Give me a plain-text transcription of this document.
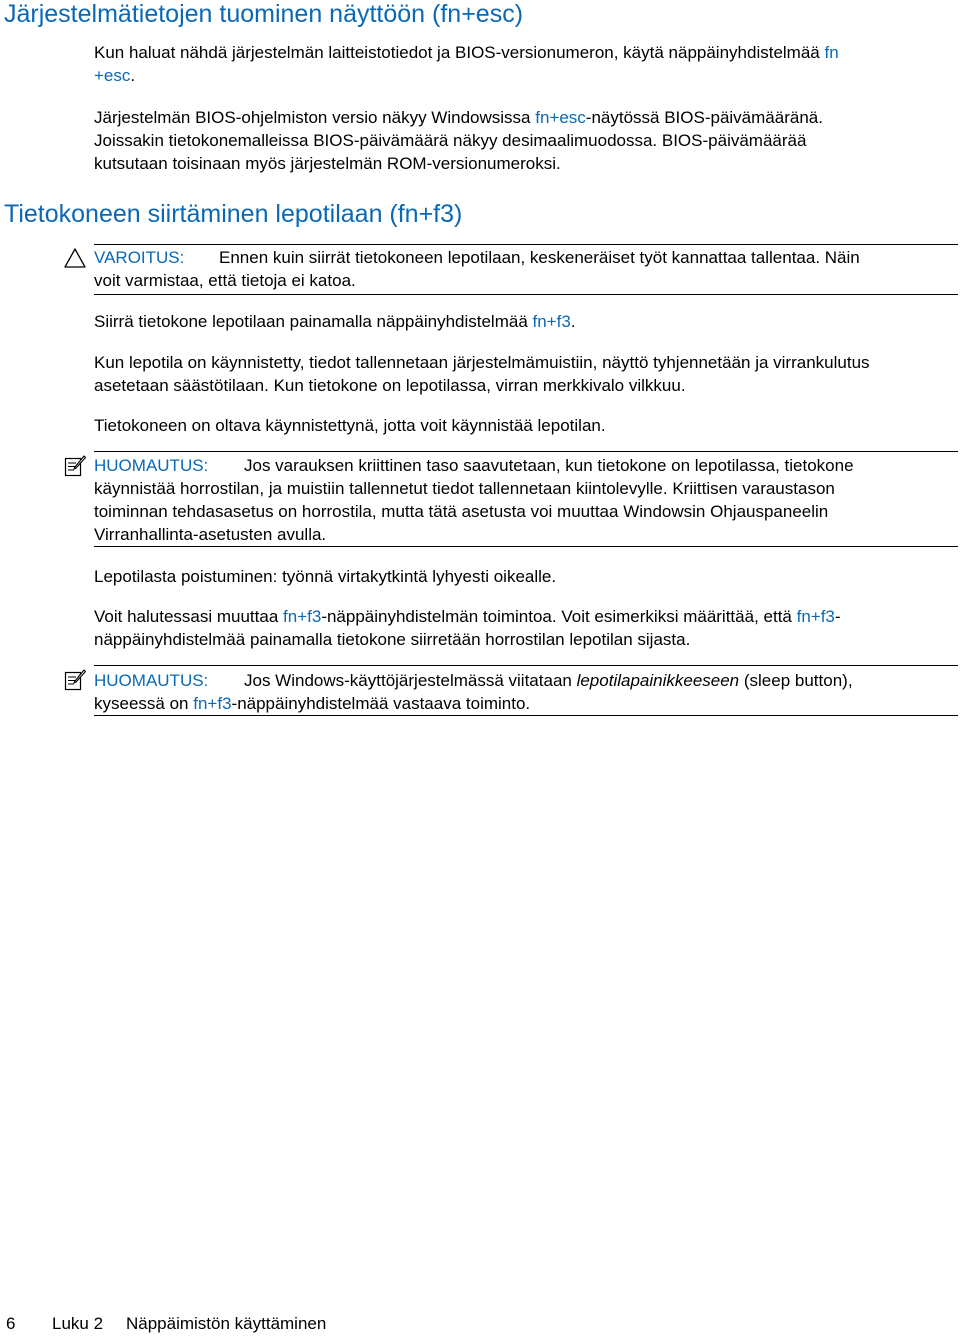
Järjestelmätietojen tuominen näyttöön (fn+esc)

Kun haluat nähdä järjestelmän laitteistotiedot ja BIOS-versionumeron, käytä näppäinyhdistelmää fn
+esc.

Järjestelmän BIOS-ohjelmiston versio näkyy Windowsissa fn+esc-näytössä BIOS-päivämääränä.
Joissakin tietokonemalleissa BIOS-päivämäärä näkyy desimaalimuodossa. BIOS-päivämäärää
kutsutaan toisinaan myös järjestelmän ROM-versionumeroksi.

Tietokoneen siirtäminen lepotilaan (fn+f3)

VAROITUS: Ennen kuin siirrät tietokoneen lepotilaan, keskeneräiset työt kannattaa tallentaa. Näin
voit varmistaa, että tietoja ei katoa.

Siirrä tietokone lepotilaan painamalla näppäinyhdistelmää fn+f3.

Kun lepotila on käynnistetty, tiedot tallennetaan järjestelmämuistiin, näyttö tyhjennetään ja virrankulutus
asetetaan säästötilaan. Kun tietokone on lepotilassa, virran merkkivalo vilkkuu.

Tietokoneen on oltava käynnistettynä, jotta voit käynnistää lepotilan.

HUOMAUTUS: Jos varauksen kriittinen taso saavutetaan, kun tietokone on lepotilassa, tietokone
käynnistää horrostilan, ja muistiin tallennetut tiedot tallennetaan kiintolevylle. Kriittisen varaustason
toiminnan tehdasasetus on horrostila, mutta tätä asetusta voi muuttaa Windowsin Ohjauspaneelin
Virranhallinta-asetusten avulla.

Lepotilasta poistuminen: työnnä virtakytkintä lyhyesti oikealle.

Voit halutessasi muuttaa fn+f3-näppäinyhdistelmän toimintoa. Voit esimerkiksi määrittää, että fn+f3-
näppäinyhdistelmää painamalla tietokone siirretään horrostilan lepotilan sijasta.

HUOMAUTUS: Jos Windows-käyttöjärjestelmässä viitataan lepotilapainikkeeseen (sleep button),
kyseessä on fn+f3-näppäinyhdistelmää vastaava toiminto.

6 Luku 2 Näppäimistön käyttäminen
